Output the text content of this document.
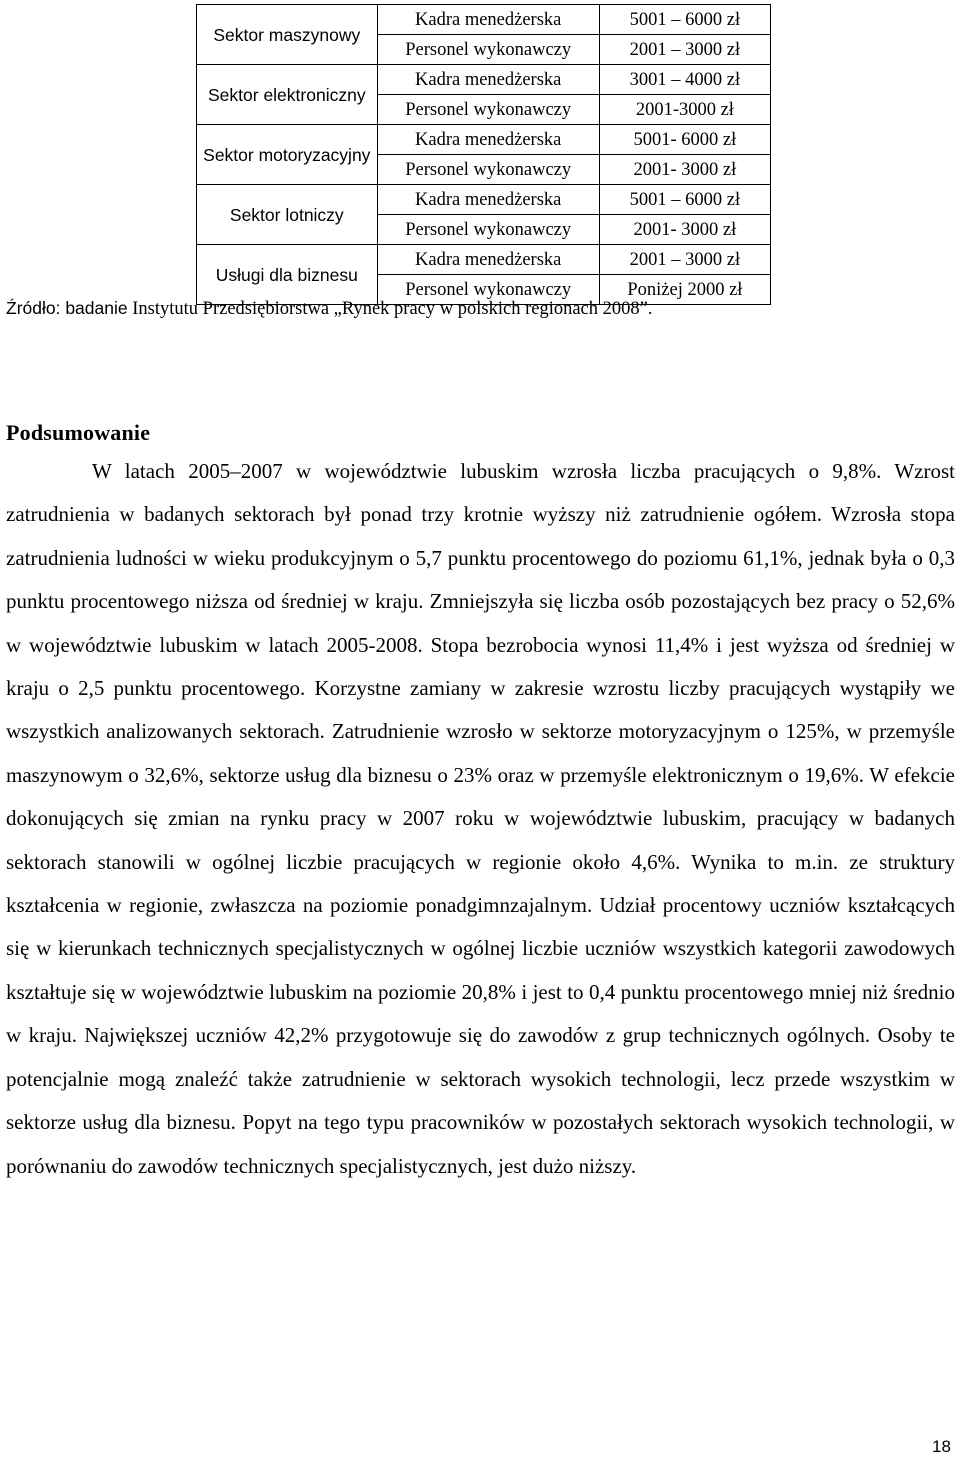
Sektor maszynowy	Kadra menedżerska	5001 – 6000 zł
	Personel wykonawczy	2001 – 3000 zł
Sektor elektroniczny	Kadra menedżerska	3001 – 4000 zł
	Personel wykonawczy	2001-3000 zł
Sektor motoryzacyjny	Kadra menedżerska	5001- 6000 zł
	Personel wykonawczy	2001- 3000 zł
Sektor lotniczy	Kadra menedżerska	5001 – 6000 zł
	Personel wykonawczy	2001- 3000 zł
Usługi dla biznesu	Kadra menedżerska	2001 – 3000 zł
	Personel wykonawczy	Poniżej 2000 zł
Źródło: badanie Instytutu Przedsiębiorstwa „Rynek pracy w polskich regionach 2008”.
Podsumowanie

W latach 2005–2007 w województwie lubuskim wzrosła liczba pracujących o 9,8%. Wzrost zatrudnienia w badanych sektorach był ponad trzy krotnie wyższy niż zatrudnienie ogółem. Wzrosła stopa zatrudnienia ludności w wieku produkcyjnym o 5,7 punktu procentowego do poziomu 61,1%, jednak była o 0,3 punktu procentowego niższa od średniej w kraju. Zmniejszyła się liczba osób pozostających bez pracy o 52,6% w województwie lubuskim w latach 2005-2008. Stopa bezrobocia wynosi 11,4% i jest wyższa od średniej w kraju o 2,5 punktu procentowego. Korzystne zamiany w zakresie wzrostu liczby pracujących wystąpiły we wszystkich analizowanych sektorach. Zatrudnienie wzrosło w sektorze motoryzacyjnym o 125%, w przemyśle maszynowym o 32,6%, sektorze usług dla biznesu o 23% oraz w przemyśle elektronicznym o 19,6%. W efekcie dokonujących się zmian na rynku pracy w 2007 roku w województwie lubuskim, pracujący w badanych sektorach stanowili w ogólnej liczbie pracujących w regionie około 4,6%. Wynika to m.in. ze struktury kształcenia w regionie, zwłaszcza na poziomie ponadgimnzajalnym. Udział procentowy uczniów kształcących się w kierunkach technicznych specjalistycznych w ogólnej liczbie uczniów wszystkich kategorii zawodowych kształtuje się w województwie lubuskim na poziomie 20,8% i jest to 0,4 punktu procentowego mniej niż średnio w kraju. Największej uczniów 42,2% przygotowuje się do zawodów z grup technicznych ogólnych. Osoby te potencjalnie mogą znaleźć także zatrudnienie w sektorach wysokich technologii, lecz przede wszystkim w sektorze usług dla biznesu. Popyt na tego typu pracowników w pozostałych sektorach wysokich technologii, w porównaniu do zawodów technicznych specjalistycznych, jest dużo niższy.

18
